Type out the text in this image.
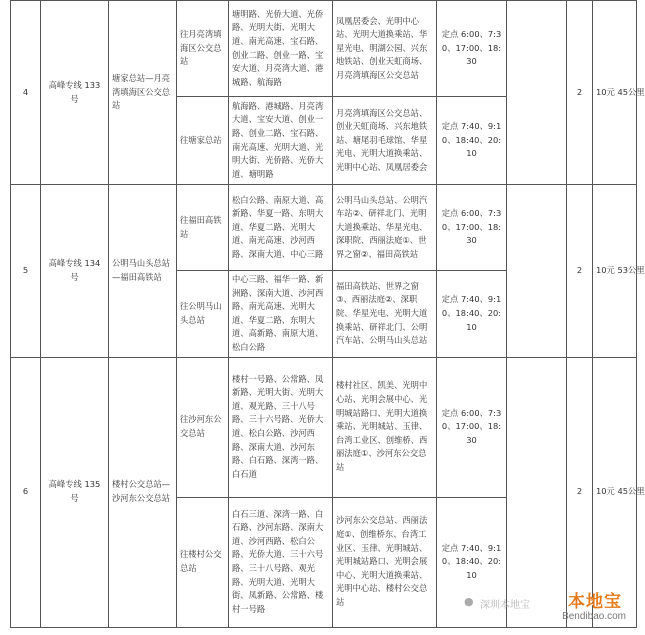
4	高峰专线 133 号	塘家总站—月亮湾填海区公交总站	往月亮湾填海区公交总站	塘明路、光侨大道、光侨路、光明大街、光明大道、南光高速、宝石路、创业二路、创业一路、宝安大道、月亮湾大道、港城路、航海路	凤凰居委会、光明中心站、光明大道换乘站、华星光电、明湖公园、兴东地铁站、创业天虹商场、月亮湾填海区公交总站	定点 6:00、7:30、17:00、18:30		2	10元 45公里
			往塘家总站	航海路、港城路、月亮湾大道、宝安大道、创业一路、创业二路、宝石路、南光高速、光明大道、光明大街、光侨路、光侨大道、塘明路	月亮湾填海区公交总站、创业天虹商场、兴东地铁站、塘尾羽毛球馆、华星光电、光明大道换乘站、光明中心站、凤凰居委会	定点 7:40、9:10、18:40、20:10			
5	高峰专线 134 号	公明马山头总站—福田高铁站	往福田高铁站	松白公路、南原大道、高新路、华夏一路、东明大道、华夏二路、光明大道、南光高速、沙河西路、深南大道、中心三路	公明马山头总站、公明汽车站②、研祥北门、光明大道换乘站、华星光电、深职院、西丽法庭①、世界之窗②、福田高铁站	定点 6:00、7:30、17:00、18:30		2	10元 53公里
			往公明马山头总站	中心三路、福华一路、新洲路、深南大道、沙河西路、南光高速、光明大道、华夏二路、东明大道、高新路、南原大道、松白公路	福田高铁站、世界之窗③、西丽法庭②、深职院、华星光电、光明大道换乘站、研祥北门、公明汽车站、公明马山头总站	定点 7:40、9:10、18:40、20:10			
6	高峰专线 135 号	楼村公交总站—沙河东公交总站	往沙河东公交总站	楼村一号路、公常路、凤新路、光明大街、光明大道、观光路、三十八号路、三十六号路、光侨大道、松白公路、沙河西路、深南大道、沙河东路、白石路、深湾一路、白石道	楼村社区、凯美、光明中心站、光明会展中心、光明城站路口、光明大道换乘站、光明城站、玉律、台湾工业区、创维桥、西丽法庭①、沙河东公交总站	定点 6:00、7:30、17:00、18:30		2	10元 45公里
			往楼村公交总站	白石三道、深湾一路、白石路、沙河东路、深南大道、沙河西路、松白公路、光侨大道、三十六号路、三十八号路、观光路、光明大道、光明大街、凤新路、公常路、楼村一号路	沙河东公交总站、西丽法庭①、创维桥东、台湾工业区、玉律、光明城站、光明城站路口、光明会展中心、光明大道换乘站、光明中心站、楼村公交总站	定点 7:40、9:10、18:40、20:10			
● 深圳本地宝 本地宝
Bendibao.com
